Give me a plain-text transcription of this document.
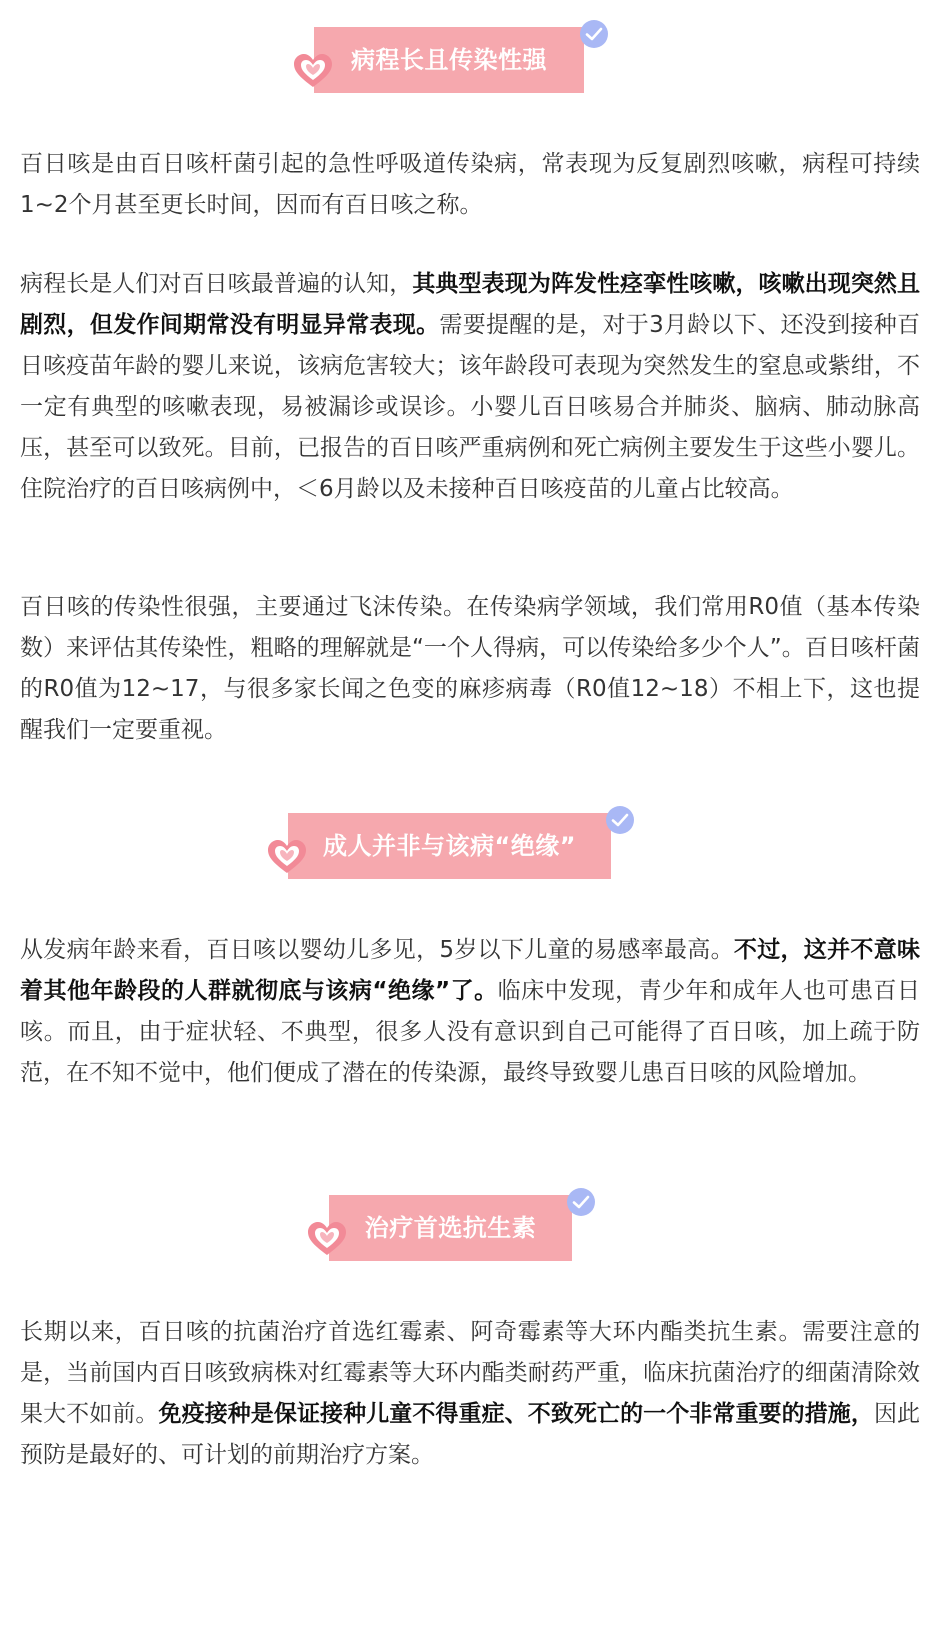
病程长且传染性强

百日咳是由百日咳杆菌引起的急性呼吸道传染病，常表现为反复剧烈咳嗽，病程可持续1~2个月甚至更长时间，因而有百日咳之称。

病程长是人们对百日咳最普遍的认知，其典型表现为阵发性痉挛性咳嗽，咳嗽出现突然且剧烈，但发作间期常没有明显异常表现。需要提醒的是，对于3月龄以下、还没到接种百日咳疫苗年龄的婴儿来说，该病危害较大；该年龄段可表现为突然发生的窒息或紫绀，不一定有典型的咳嗽表现，易被漏诊或误诊。小婴儿百日咳易合并肺炎、脑病、肺动脉高压，甚至可以致死。目前，已报告的百日咳严重病例和死亡病例主要发生于这些小婴儿。住院治疗的百日咳病例中，＜6月龄以及未接种百日咳疫苗的儿童占比较高。

百日咳的传染性很强，主要通过飞沫传染。在传染病学领域，我们常用R0值（基本传染数）来评估其传染性，粗略的理解就是“一个人得病，可以传染给多少个人”。百日咳杆菌的R0值为12~17，与很多家长闻之色变的麻疹病毒（R0值12~18）不相上下，这也提醒我们一定要重视。

成人并非与该病“绝缘”

从发病年龄来看，百日咳以婴幼儿多见，5岁以下儿童的易感率最高。不过，这并不意味着其他年龄段的人群就彻底与该病“绝缘”了。临床中发现，青少年和成年人也可患百日咳。而且，由于症状轻、不典型，很多人没有意识到自己可能得了百日咳，加上疏于防范，在不知不觉中，他们便成了潜在的传染源，最终导致婴儿患百日咳的风险增加。

治疗首选抗生素

长期以来，百日咳的抗菌治疗首选红霉素、阿奇霉素等大环内酯类抗生素。需要注意的是，当前国内百日咳致病株对红霉素等大环内酯类耐药严重，临床抗菌治疗的细菌清除效果大不如前。免疫接种是保证接种儿童不得重症、不致死亡的一个非常重要的措施，因此预防是最好的、可计划的前期治疗方案。
